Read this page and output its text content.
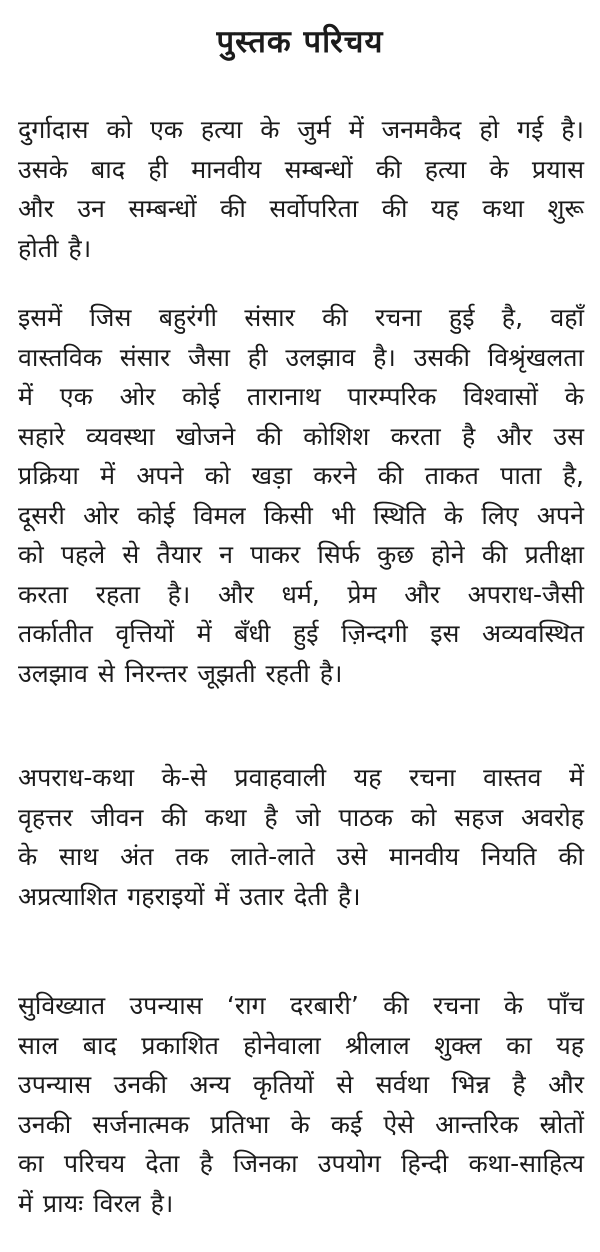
पुस्तक परिचय
दुर्गादास को एक हत्या के जुर्म में जनमकैद हो गई है।
उसके बाद ही मानवीय सम्बन्धों की हत्या के प्रयास
और उन सम्बन्धों की सर्वोपरिता की यह कथा शुरू
होती है।
इसमें जिस बहुरंगी संसार की रचना हुई है, वहाँ
वास्तविक संसार जैसा ही उलझाव है। उसकी विश्रृंखलता
में एक ओर कोई तारानाथ पारम्परिक विश्वासों के
सहारे व्यवस्था खोजने की कोशिश करता है और उस
प्रक्रिया में अपने को खड़ा करने की ताकत पाता है,
दूसरी ओर कोई विमल किसी भी स्थिति के लिए अपने
को पहले से तैयार न पाकर सिर्फ कुछ होने की प्रतीक्षा
करता रहता है। और धर्म, प्रेम और अपराध-जैसी
तर्कातीत वृत्तियों में बँधी हुई ज़िन्दगी इस अव्यवस्थित
उलझाव से निरन्तर जूझती रहती है।
अपराध-कथा के-से प्रवाहवाली यह रचना वास्तव में
वृहत्तर जीवन की कथा है जो पाठक को सहज अवरोह
के साथ अंत तक लाते-लाते उसे मानवीय नियति की
अप्रत्याशित गहराइयों में उतार देती है।
सुविख्यात उपन्यास ‘राग दरबारी’ की रचना के पाँच
साल बाद प्रकाशित होनेवाला श्रीलाल शुक्ल का यह
उपन्यास उनकी अन्य कृतियों से सर्वथा भिन्न है और
उनकी सर्जनात्मक प्रतिभा के कई ऐसे आन्तरिक स्रोतों
का परिचय देता है जिनका उपयोग हिन्दी कथा-साहित्य
में प्रायः विरल है।
